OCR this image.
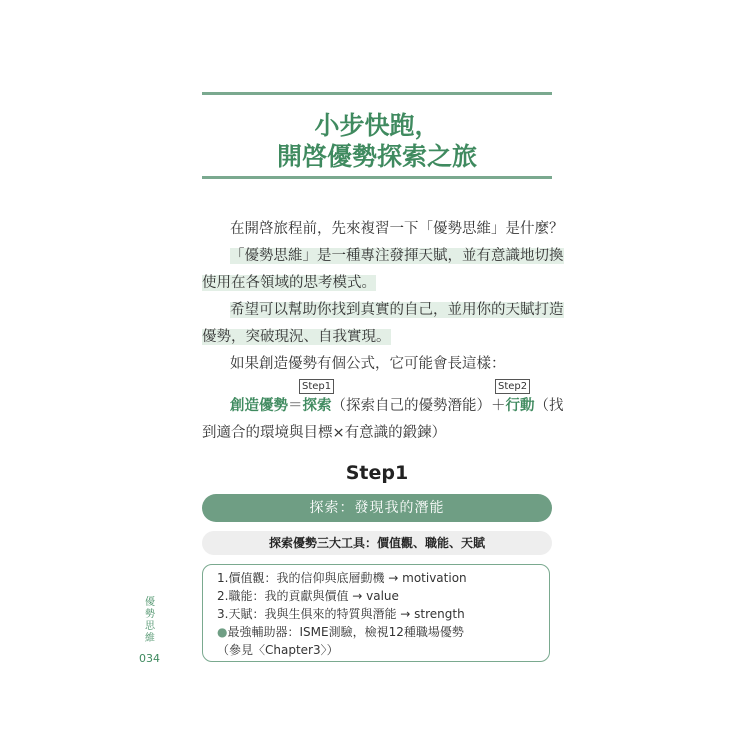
小步快跑，
開啓優勢探索之旅
在開啓旅程前，先來複習一下「優勢思維」是什麼？
「優勢思維」是一種專注發揮天賦，並有意識地切換
使用在各領域的思考模式。
希望可以幫助你找到真實的自己，並用你的天賦打造
優勢，突破現況、自我實現。
如果創造優勢有個公式，它可能會長這樣：
Step1	Step2
創造優勢＝探索（探索自己的優勢潛能）＋行動（找
到適合的環境與目標×有意識的鍛鍊）
Step1
探索：發現我的潛能
探索優勢三大工具：價值觀、職能、天賦
1.價值觀：我的信仰與底層動機 → motivation
2.職能：我的貢獻與價值 → value
3.天賦：我與生俱來的特質與潛能 → strength
●最強輔助器：ISME測驗，檢視12種職場優勢
（參見〈Chapter3〉）
優
勢
思
維
034
